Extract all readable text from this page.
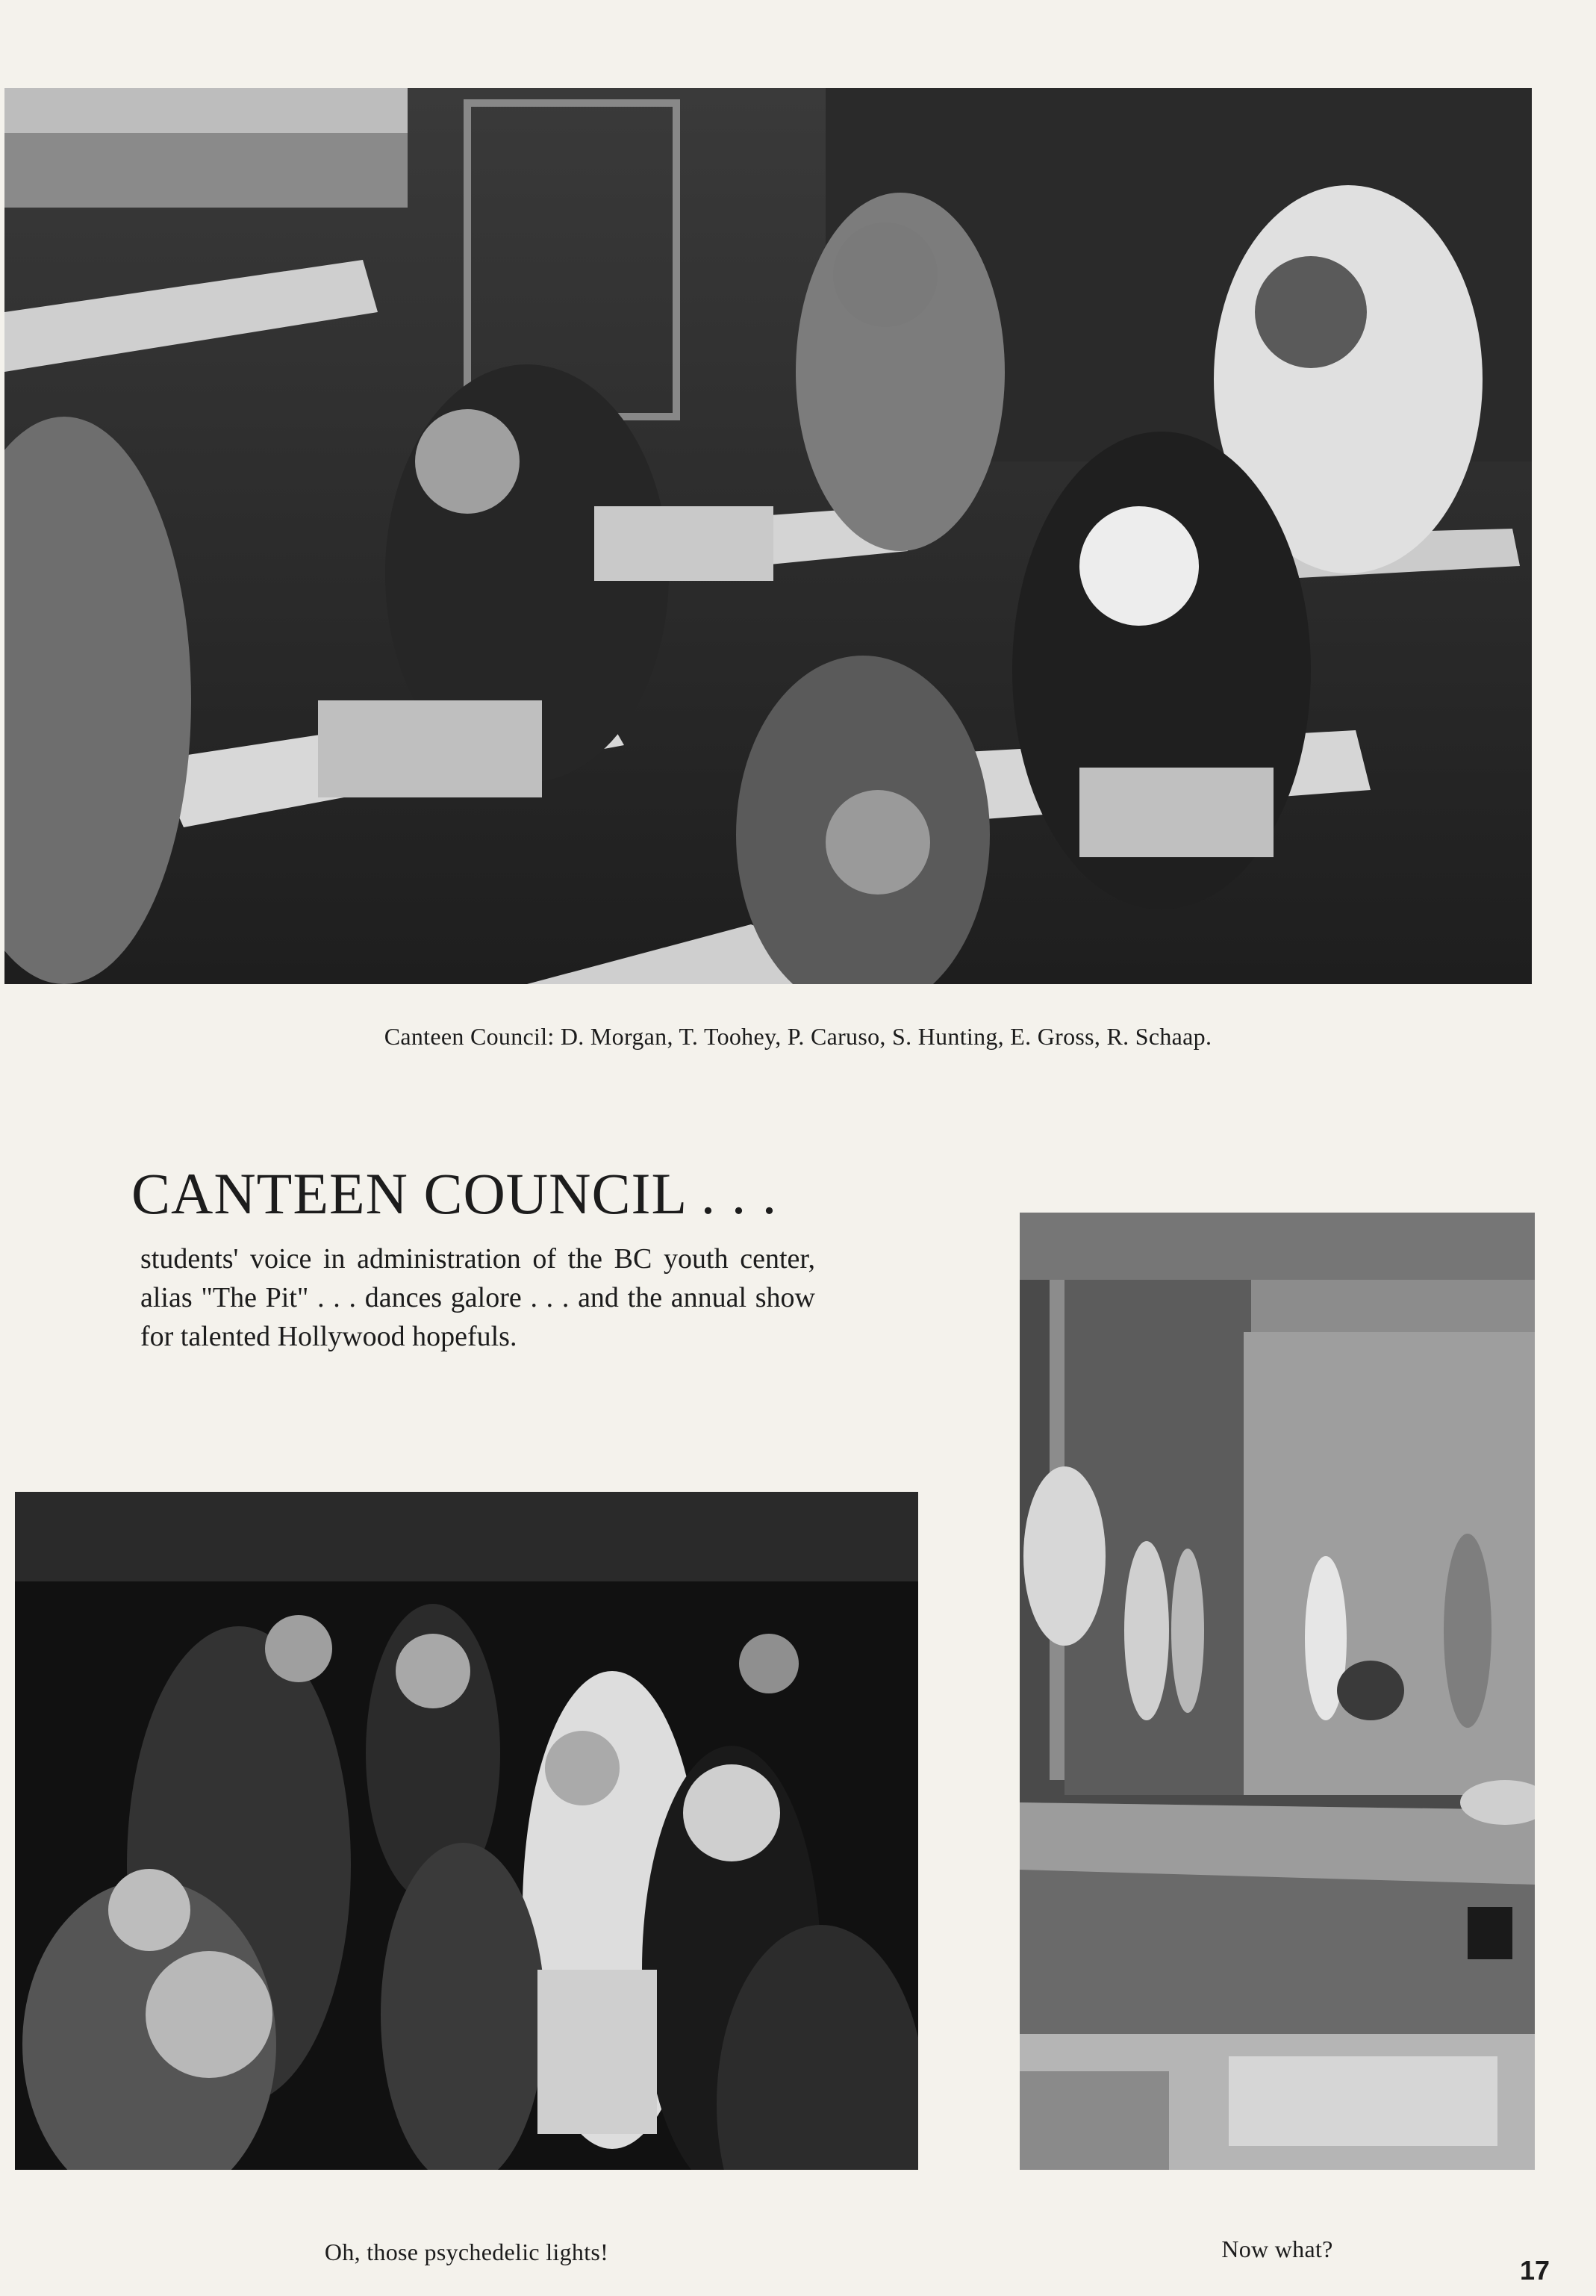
Canteen Council: D. Morgan, T. Toohey, P. Caruso, S. Hunting, E. Gross, R. Schaap.
CANTEEN COUNCIL . . .
students' voice in administration of the BC youth center, alias "The Pit" . . . dances galore . . . and the annual show for talented Hollywood hopefuls.
Now what?
Oh, those psychedelic lights!
17
